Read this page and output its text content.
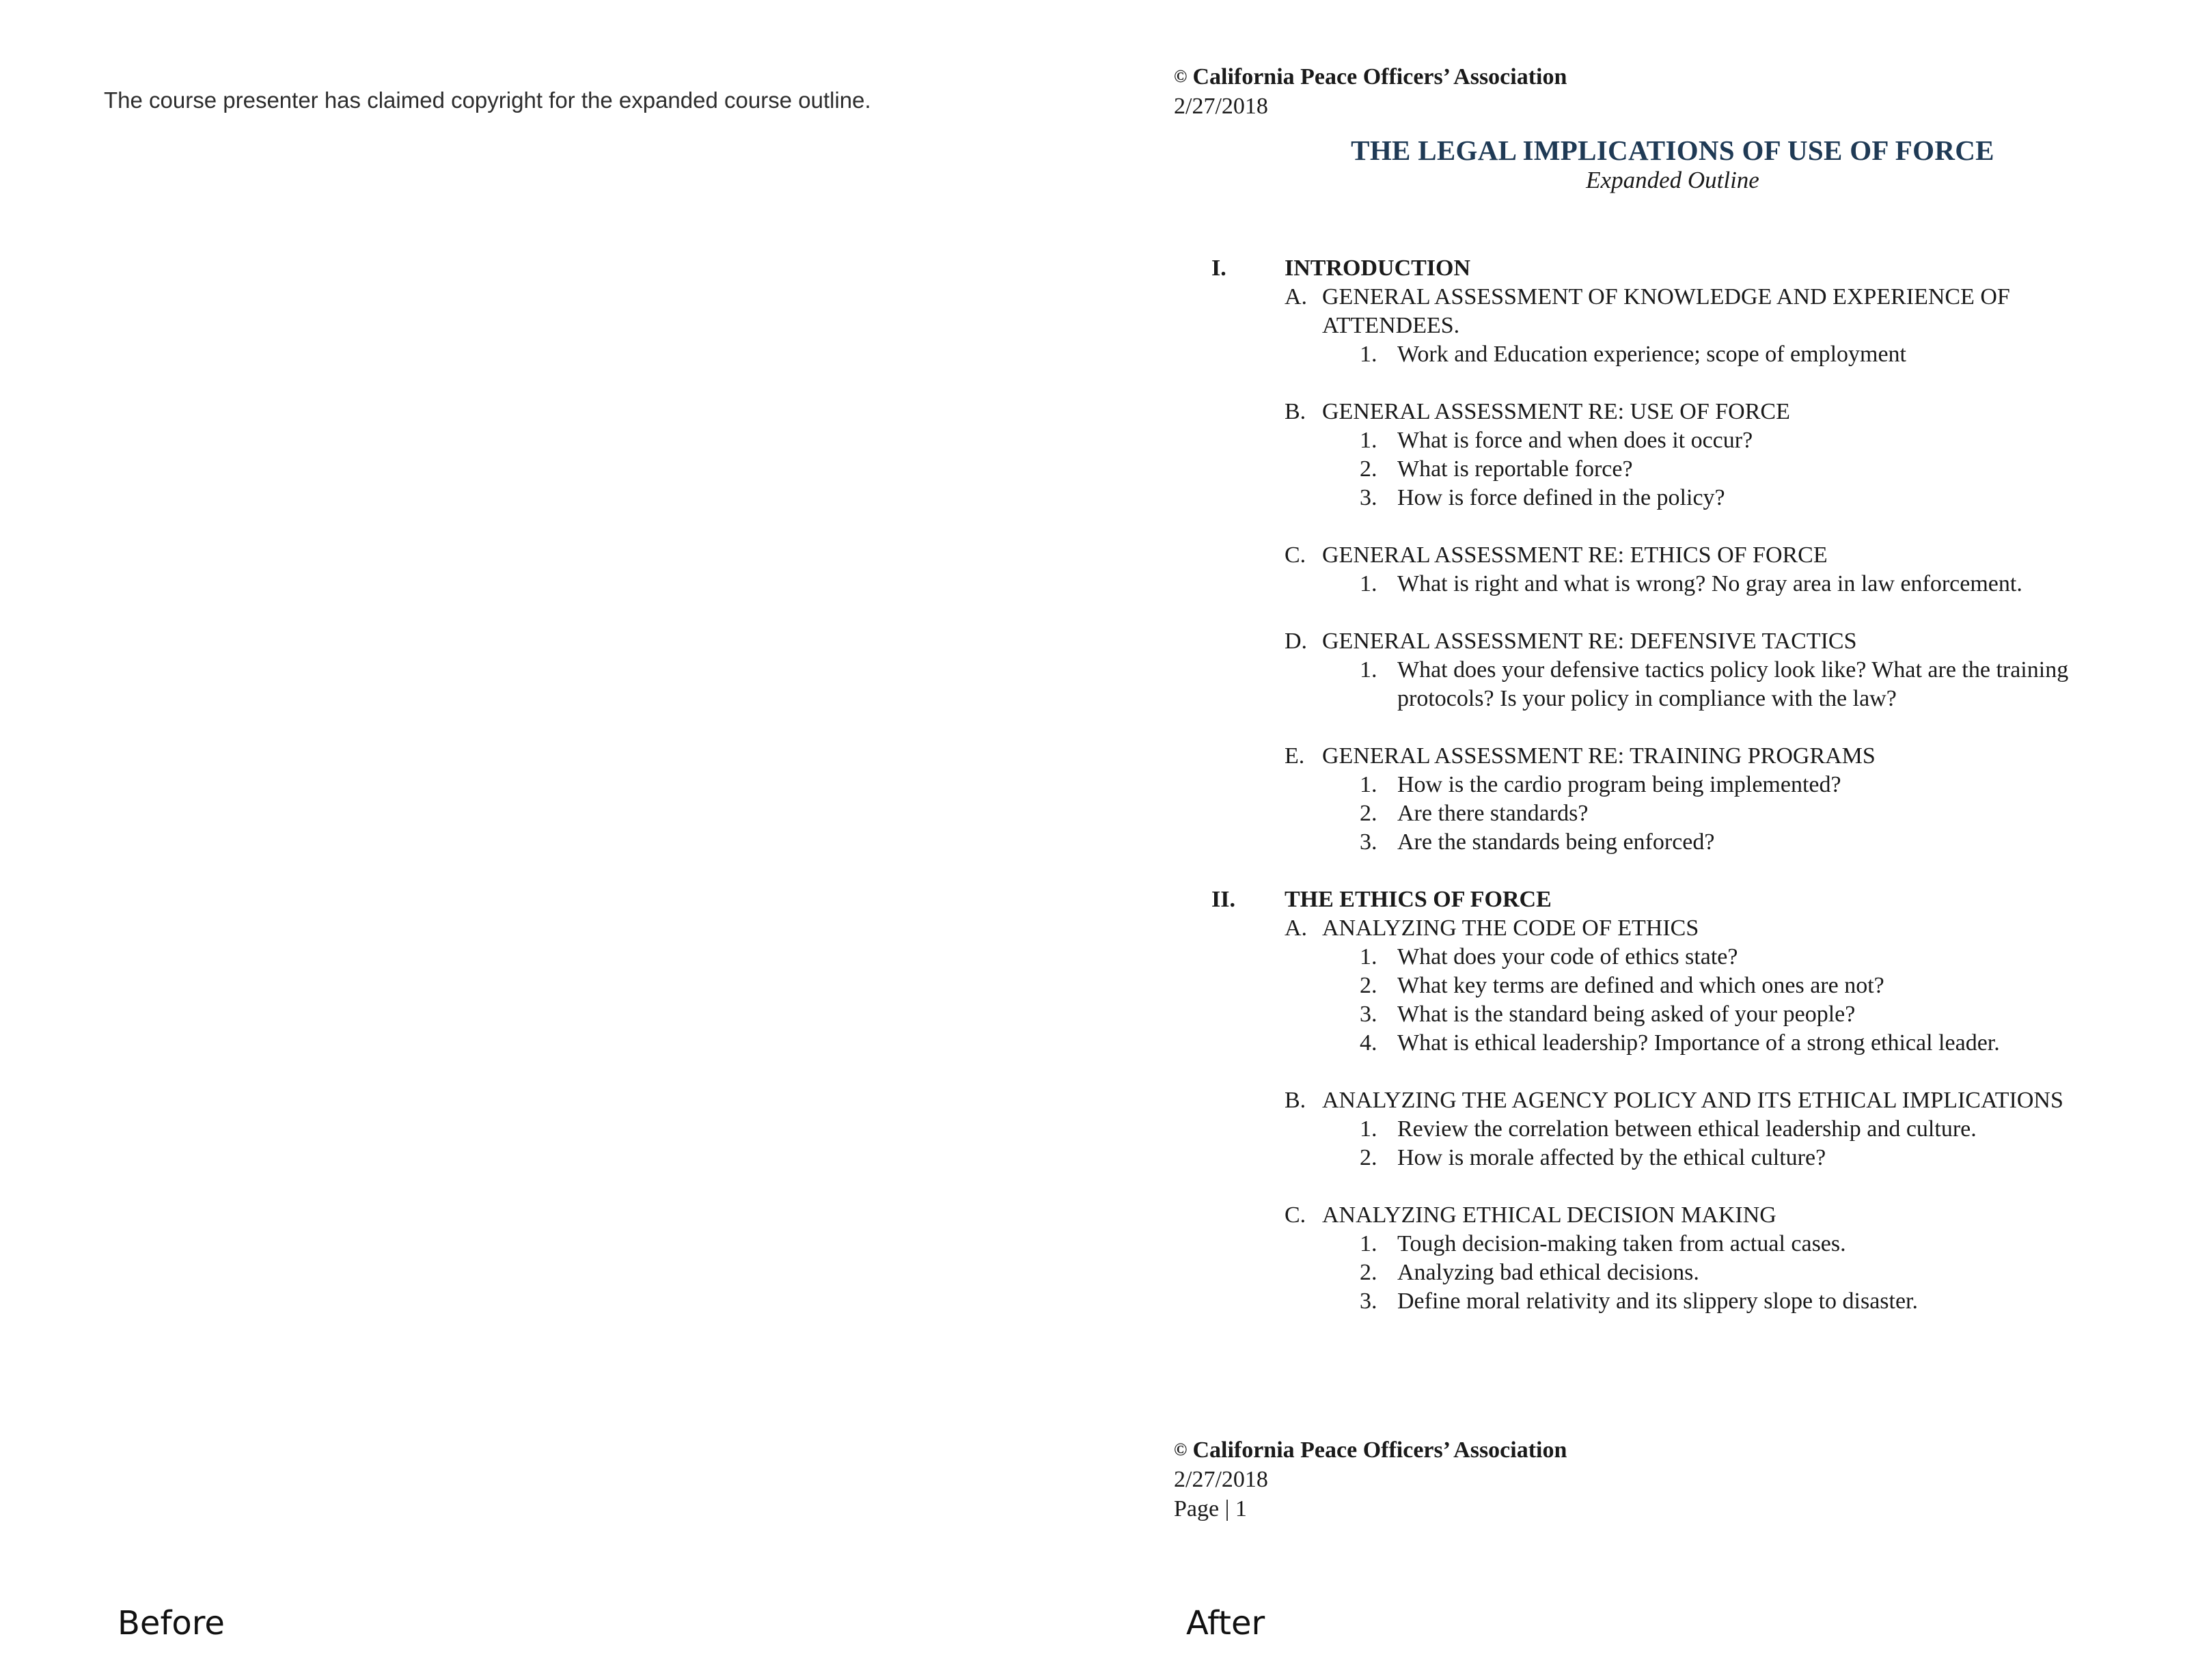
The course presenter has claimed copyright for the expanded course outline.
Before
© California Peace Officers’ Association
2/27/2018
THE LEGAL IMPLICATIONS OF USE OF FORCE
Expanded Outline
I.	INTRODUCTION
A. GENERAL ASSESSMENT OF KNOWLEDGE AND EXPERIENCE OF ATTENDEES.
1. Work and Education experience; scope of employment
B. GENERAL ASSESSMENT RE: USE OF FORCE
1. What is force and when does it occur?
2. What is reportable force?
3. How is force defined in the policy?
C. GENERAL ASSESSMENT RE: ETHICS OF FORCE
1. What is right and what is wrong? No gray area in law enforcement.
D. GENERAL ASSESSMENT RE: DEFENSIVE TACTICS
1. What does your defensive tactics policy look like? What are the training protocols? Is your policy in compliance with the law?
E. GENERAL ASSESSMENT RE: TRAINING PROGRAMS
1. How is the cardio program being implemented?
2. Are there standards?
3. Are the standards being enforced?
II.	THE ETHICS OF FORCE
A. ANALYZING THE CODE OF ETHICS
1. What does your code of ethics state?
2. What key terms are defined and which ones are not?
3. What is the standard being asked of your people?
4. What is ethical leadership? Importance of a strong ethical leader.
B. ANALYZING THE AGENCY POLICY AND ITS ETHICAL IMPLICATIONS
1. Review the correlation between ethical leadership and culture.
2. How is morale affected by the ethical culture?
C. ANALYZING ETHICAL DECISION MAKING
1. Tough decision-making taken from actual cases.
2. Analyzing bad ethical decisions.
3. Define moral relativity and its slippery slope to disaster.
© California Peace Officers’ Association
2/27/2018
Page | 1
After
